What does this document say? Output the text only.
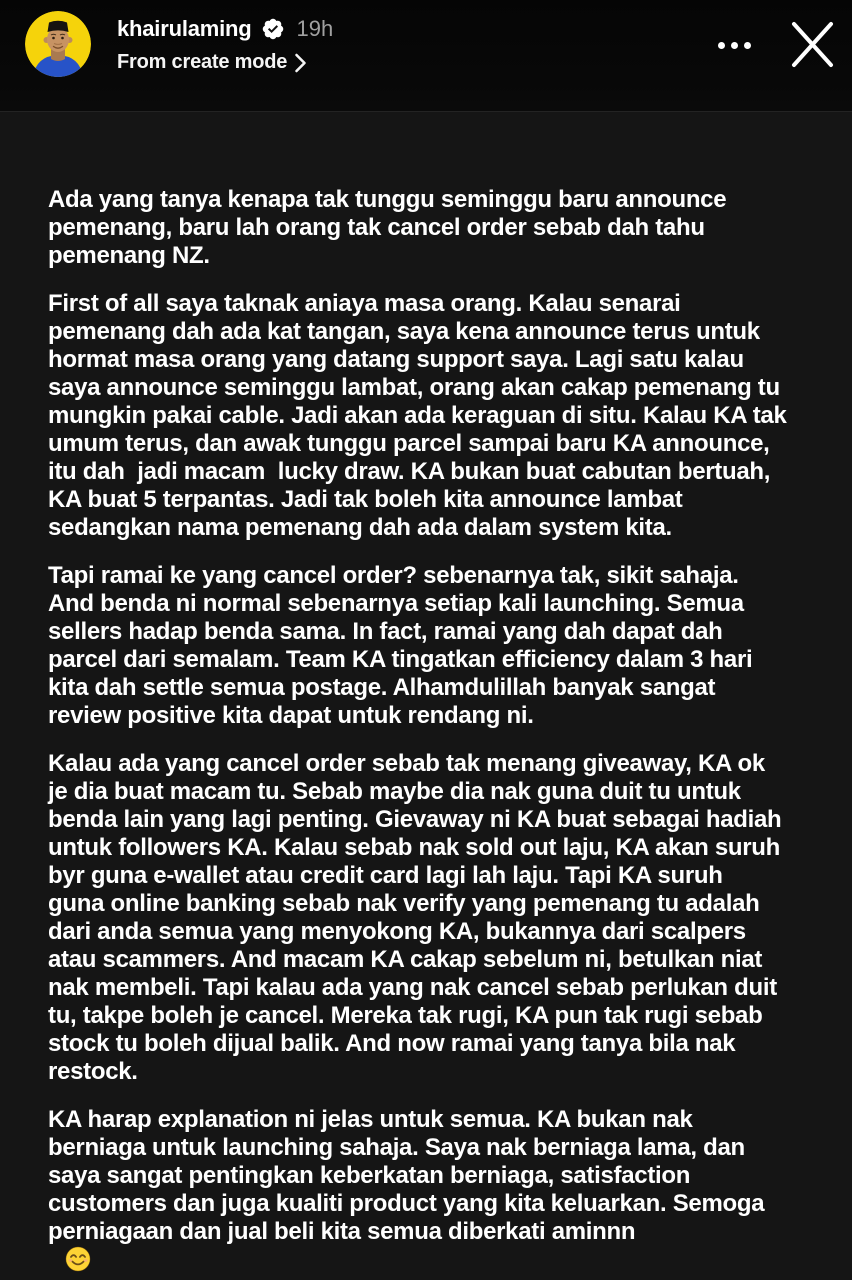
Ada yang tanya kenapa tak tunggu seminggu baru announce
pemenang, baru lah orang tak cancel order sebab dah tahu
pemenang NZ.
First of all saya taknak aniaya masa orang. Kalau senarai
pemenang dah ada kat tangan, saya kena announce terus untuk
hormat masa orang yang datang support saya. Lagi satu kalau
saya announce seminggu lambat, orang akan cakap pemenang tu
mungkin pakai cable. Jadi akan ada keraguan di situ. Kalau KA tak
umum terus, dan awak tunggu parcel sampai baru KA announce,
itu dah  jadi macam  lucky draw. KA bukan buat cabutan bertuah,
KA buat 5 terpantas. Jadi tak boleh kita announce lambat
sedangkan nama pemenang dah ada dalam system kita.
Tapi ramai ke yang cancel order? sebenarnya tak, sikit sahaja.
And benda ni normal sebenarnya setiap kali launching. Semua
sellers hadap benda sama. In fact, ramai yang dah dapat dah
parcel dari semalam. Team KA tingatkan efficiency dalam 3 hari
kita dah settle semua postage. Alhamdulillah banyak sangat
review positive kita dapat untuk rendang ni.
Kalau ada yang cancel order sebab tak menang giveaway, KA ok
je dia buat macam tu. Sebab maybe dia nak guna duit tu untuk
benda lain yang lagi penting. Gievaway ni KA buat sebagai hadiah
untuk followers KA. Kalau sebab nak sold out laju, KA akan suruh
byr guna e-wallet atau credit card lagi lah laju. Tapi KA suruh
guna online banking sebab nak verify yang pemenang tu adalah
dari anda semua yang menyokong KA, bukannya dari scalpers
atau scammers. And macam KA cakap sebelum ni, betulkan niat
nak membeli. Tapi kalau ada yang nak cancel sebab perlukan duit
tu, takpe boleh je cancel. Mereka tak rugi, KA pun tak rugi sebab
stock tu boleh dijual balik. And now ramai yang tanya bila nak
restock.
KA harap explanation ni jelas untuk semua. KA bukan nak
berniaga untuk launching sahaja. Saya nak berniaga lama, dan
saya sangat pentingkan keberkatan berniaga, satisfaction
customers dan juga kualiti product yang kita keluarkan. Semoga
perniagaan dan jual beli kita semua diberkati aminnn

khairulaming 19h
From create mode
